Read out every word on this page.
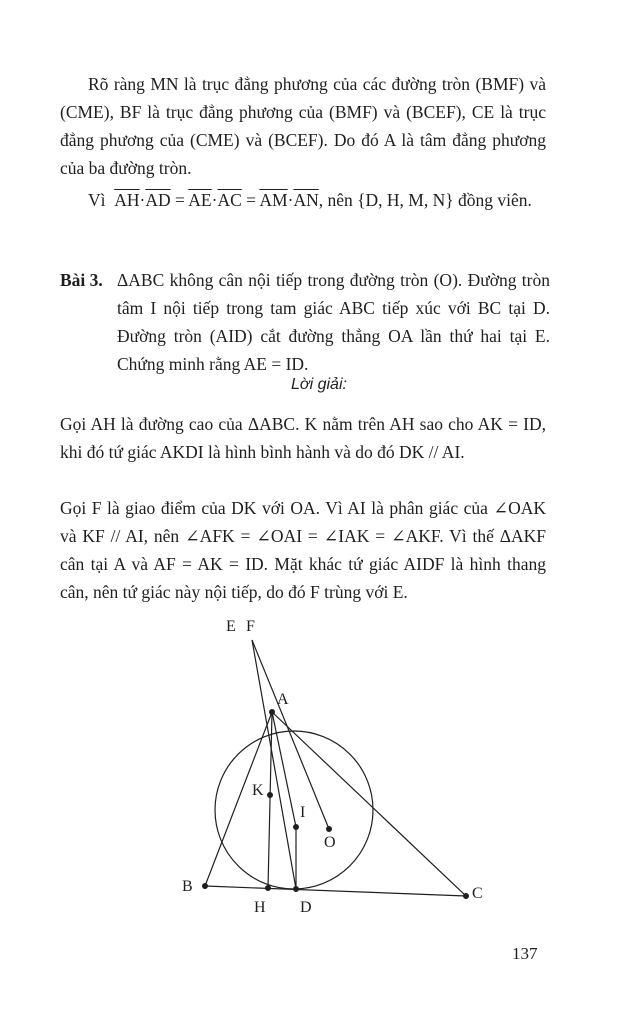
Rõ ràng MN là trục đẳng phương của các đường tròn (BMF) và (CME), BF là trục đẳng phương của (BMF) và (BCEF), CE là trục đẳng phương của (CME) và (BCEF). Do đó A là tâm đẳng phương của ba đường tròn.

Vì $\overline{AH}\cdot\overline{AD} = \overline{AE}\cdot\overline{AC} = \overline{AM}\cdot\overline{AN}$, nên {D, H, M, N} đồng viên.

Bài 3. ΔABC không cân nội tiếp trong đường tròn (O). Đường tròn tâm I nội tiếp trong tam giác ABC tiếp xúc với BC tại D. Đường tròn (AID) cắt đường thẳng OA lần thứ hai tại E. Chứng minh rằng AE = ID.
Lời giải:

Gọi AH là đường cao của ΔABC. K nằm trên AH sao cho AK = ID, khi đó tứ giác AKDI là hình bình hành và do đó DK // AI.

Gọi F là giao điểm của DK với OA. Vì AI là phân giác của ∠OAK và KF // AI, nên ∠AFK = ∠OAI = ∠IAK = ∠AKF. Vì thế ΔAKF cân tại A và AF = AK = ID. Mặt khác tứ giác AIDF là hình thang cân, nên tứ giác này nội tiếp, do đó F trùng với E.

E F
A
K
I
O
B
H D
C
137
